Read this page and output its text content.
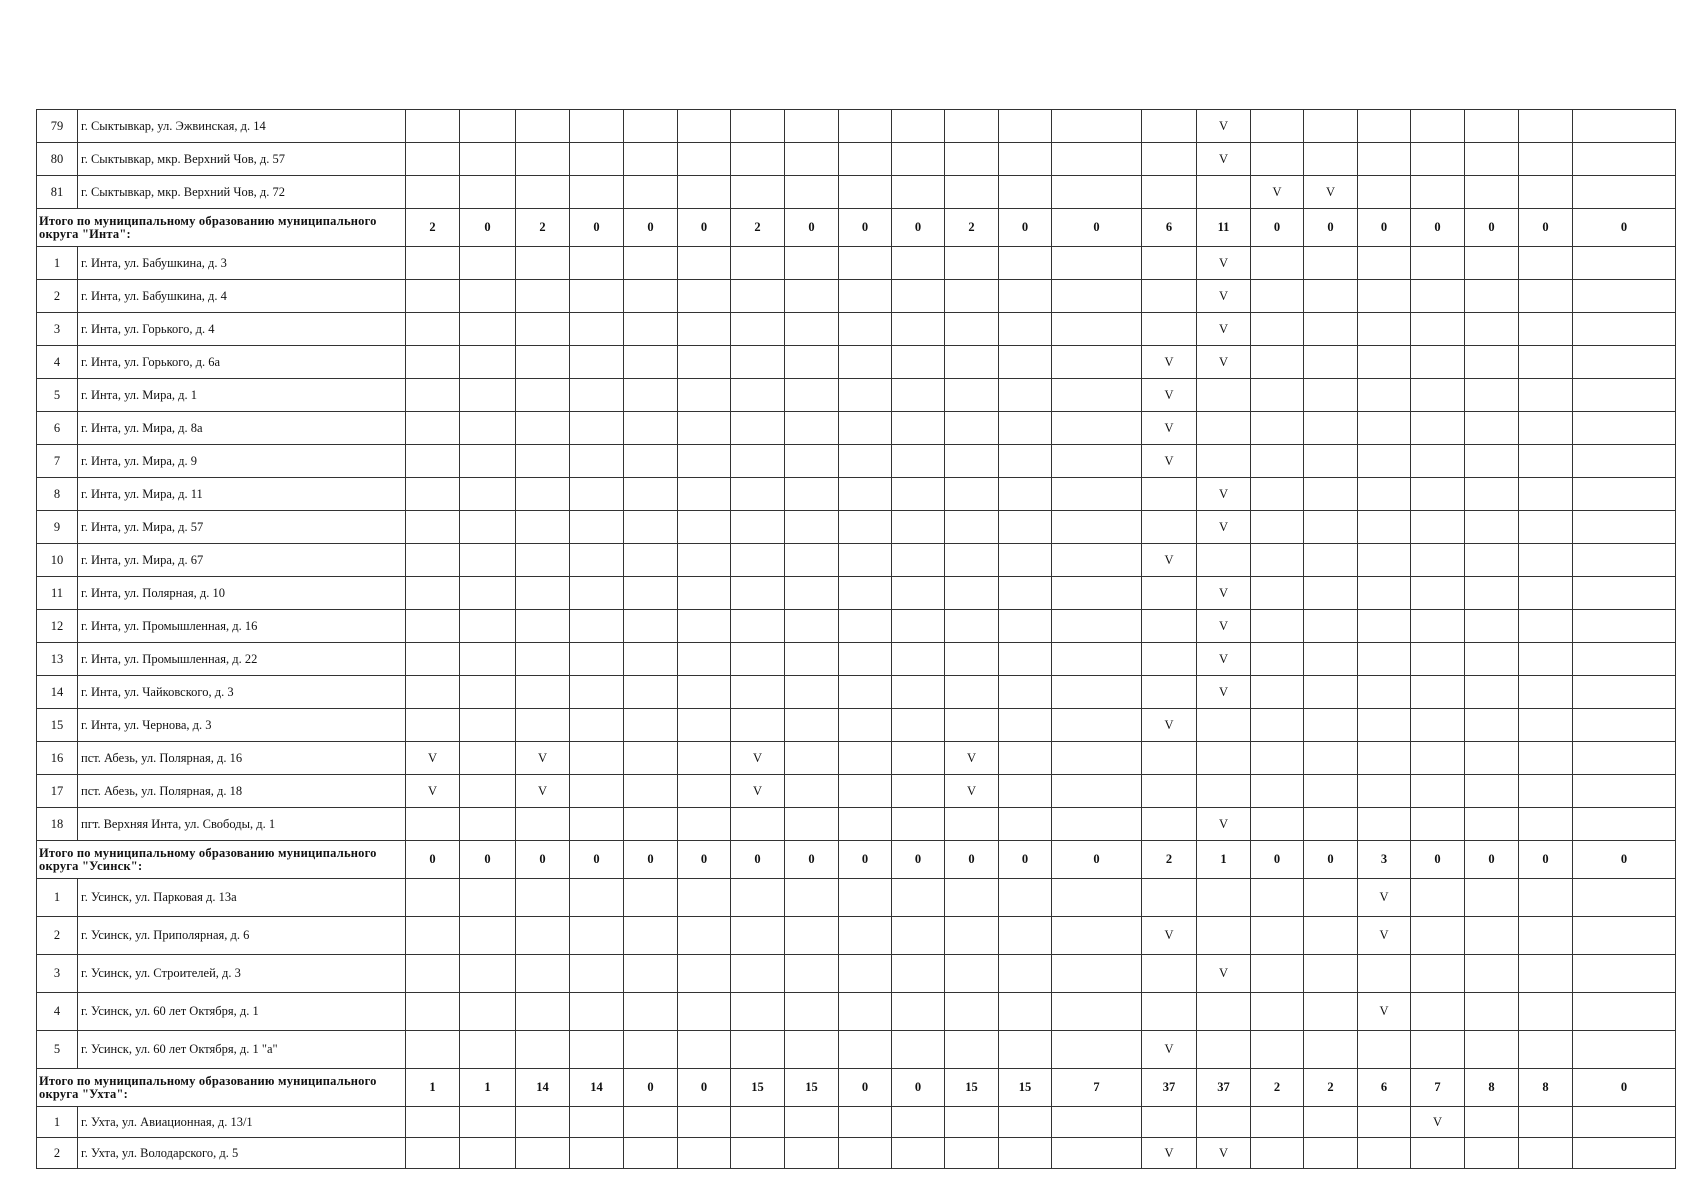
79	г. Сыктывкар, ул. Эжвинская, д. 14															V							
80	г. Сыктывкар, мкр. Верхний Чов, д. 57															V							
81	г. Сыктывкар, мкр. Верхний Чов, д. 72																V	V					
Итого по муниципальному образованию муниципального округа "Инта":		2	0	2	0	0	0	2	0	0	0	2	0	0	6	11	0	0	0	0	0	0	0
1	г. Инта, ул. Бабушкина, д. 3															V							
2	г. Инта, ул. Бабушкина, д. 4															V							
3	г. Инта, ул. Горького, д. 4															V							
4	г. Инта, ул. Горького, д. 6а														V	V							
5	г. Инта, ул. Мира, д. 1														V								
6	г. Инта, ул. Мира, д. 8а														V								
7	г. Инта, ул. Мира, д. 9														V								
8	г. Инта, ул. Мира, д. 11															V							
9	г. Инта, ул. Мира, д. 57															V							
10	г. Инта, ул. Мира, д. 67														V								
11	г. Инта, ул. Полярная, д. 10															V							
12	г. Инта, ул. Промышленная, д. 16															V							
13	г. Инта, ул. Промышленная, д. 22															V							
14	г. Инта, ул. Чайковского, д. 3															V							
15	г. Инта, ул. Чернова, д. 3														V								
16	пст. Абезь, ул. Полярная, д. 16	V		V				V				V											
17	пст. Абезь, ул. Полярная, д. 18	V		V				V				V											
18	пгт. Верхняя Инта, ул. Свободы, д. 1															V							
Итого по муниципальному образованию муниципального округа "Усинск":		0	0	0	0	0	0	0	0	0	0	0	0	0	2	1	0	0	3	0	0	0	0
1	г. Усинск, ул. Парковая д. 13а																		V				
2	г. Усинск, ул. Приполярная, д. 6														V				V				
3	г. Усинск, ул. Строителей, д. 3															V							
4	г. Усинск, ул. 60 лет Октября, д. 1																		V				
5	г. Усинск, ул. 60 лет Октября, д. 1 "а"														V								
Итого по муниципальному образованию муниципального округа "Ухта":		1	1	14	14	0	0	15	15	0	0	15	15	7	37	37	2	2	6	7	8	8	0
1	г. Ухта, ул. Авиационная, д. 13/1																			V			
2	г. Ухта, ул. Володарского, д. 5														V	V							
